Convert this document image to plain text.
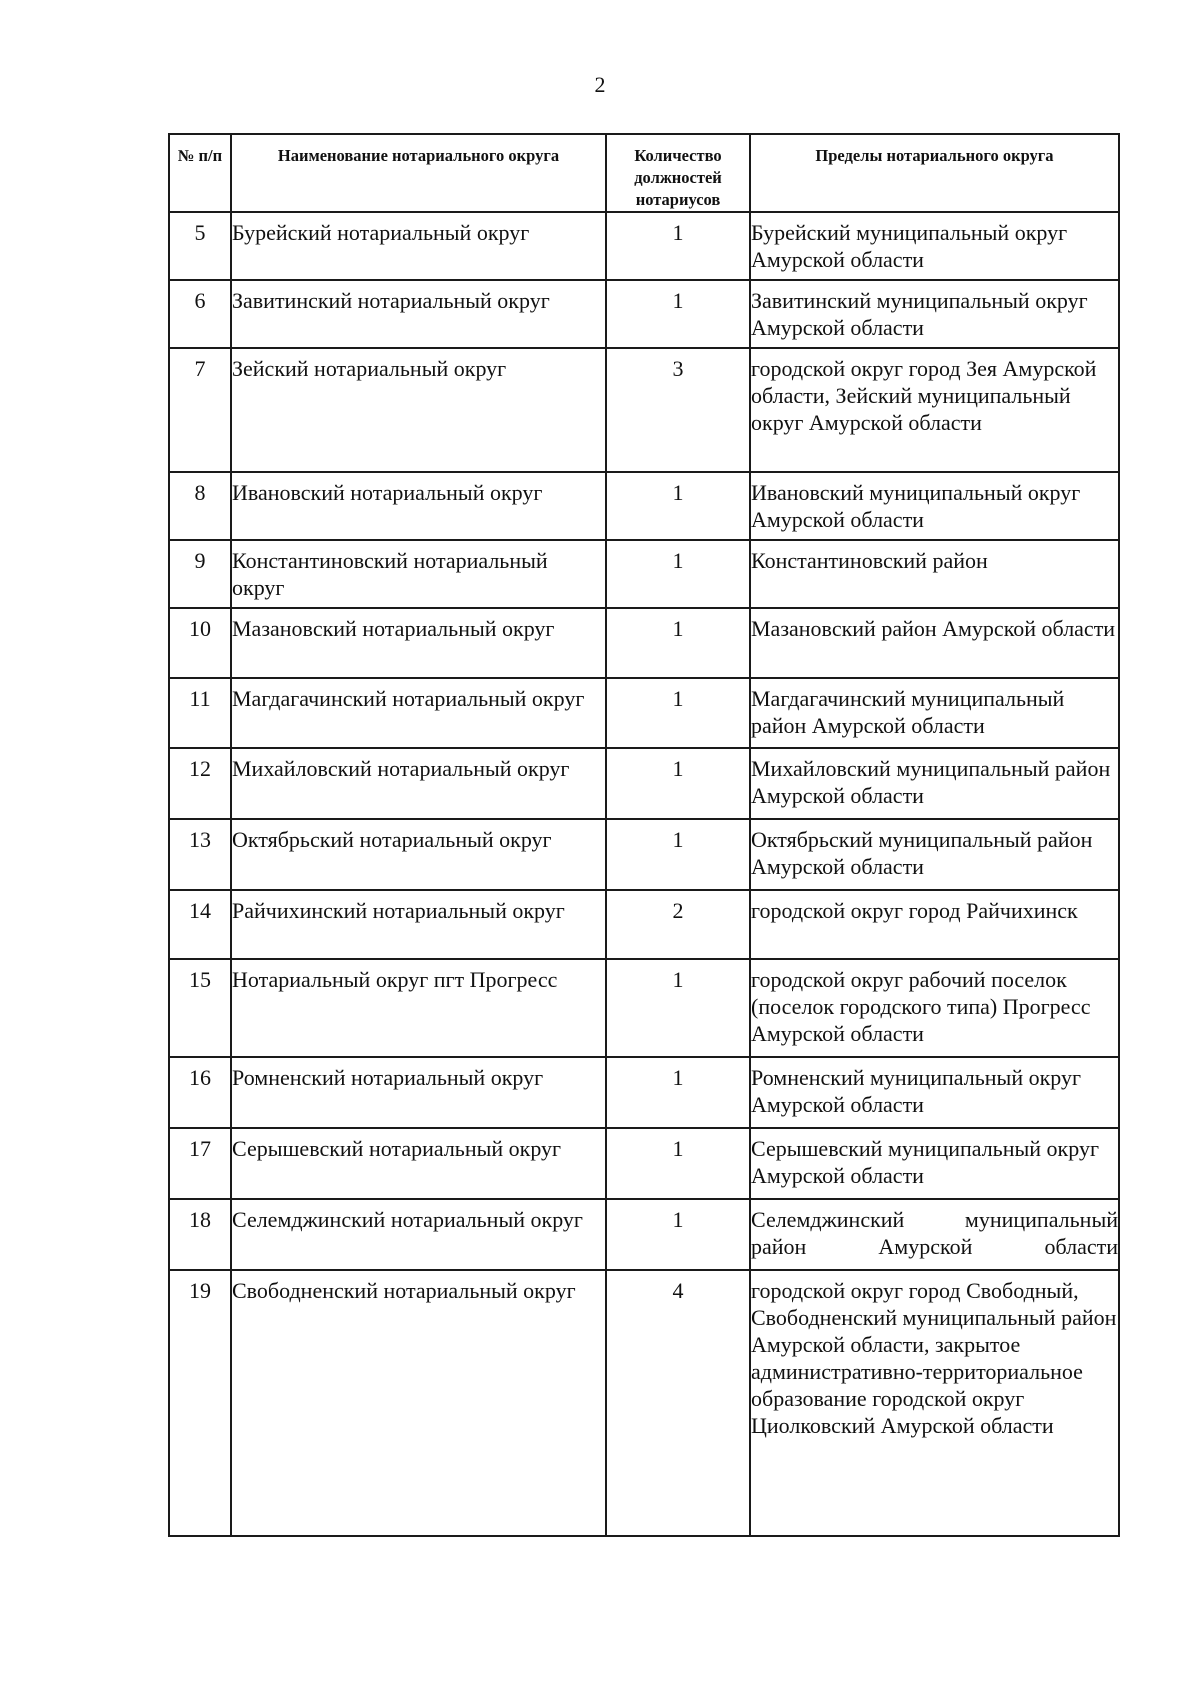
2
№ п/п	Наименование нотариального округа	Количество должностей нотариусов	Пределы нотариального округа
5	Бурейский нотариальный округ	1	Бурейский муниципальный округ Амурской области
6	Завитинский нотариальный округ	1	Завитинский муниципальный округ Амурской области
7	Зейский нотариальный округ	3	городской округ город Зея Амурской области, Зейский муниципальный округ Амурской области
8	Ивановский нотариальный округ	1	Ивановский муниципальный округ Амурской области
9	Константиновский нотариальный округ	1	Константиновский район
10	Мазановский нотариальный округ	1	Мазановский район Амурской области
11	Магдагачинский нотариальный округ	1	Магдагачинский муниципальный район Амурской области
12	Михайловский нотариальный округ	1	Михайловский муниципальный район Амурской области
13	Октябрьский нотариальный округ	1	Октябрьский муниципальный район Амурской области
14	Райчихинский нотариальный округ	2	городской округ город Райчихинск
15	Нотариальный округ пгт Прогресс	1	городской округ рабочий поселок (поселок городского типа) Прогресс Амурской области
16	Ромненский нотариальный округ	1	Ромненский муниципальный округ Амурской области
17	Серышевский нотариальный округ	1	Серышевский муниципальный округ Амурской области
18	Селемджинский нотариальный округ	1	Селемджинский муниципальный район Амурской области
19	Свободненский нотариальный округ	4	городской округ город Свободный, Свободненский муниципальный район Амурской области, закрытое административно-территориальное образование городской округ Циолковский Амурской области
